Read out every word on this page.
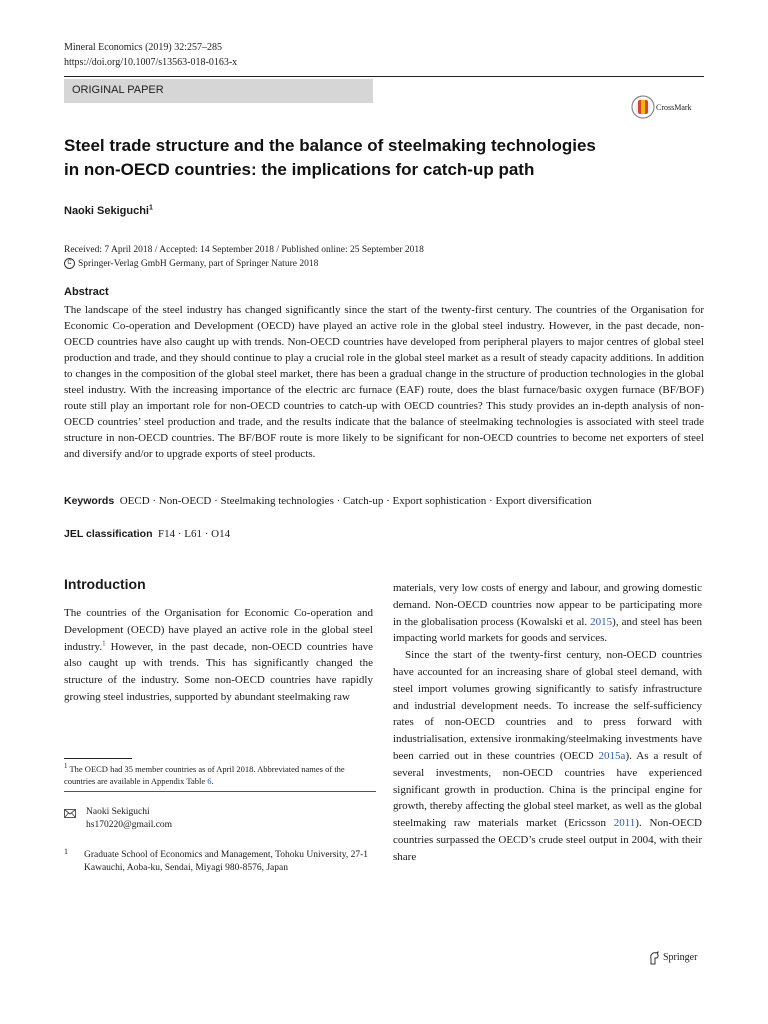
Mineral Economics (2019) 32:257–285
https://doi.org/10.1007/s13563-018-0163-x
ORIGINAL PAPER
CrossMark
Steel trade structure and the balance of steelmaking technologies
in non-OECD countries: the implications for catch-up path
Naoki Sekiguchi$^1$
Received: 7 April 2018 / Accepted: 14 September 2018 / Published online: 25 September 2018
C Springer-Verlag GmbH Germany, part of Springer Nature 2018
Abstract
The landscape of the steel industry has changed significantly since the start of the twenty-first century. The countries of the Organisation for Economic Co-operation and Development (OECD) have played an active role in the global steel industry. However, in the past decade, non-OECD countries have also caught up with trends. Non-OECD countries have developed from peripheral players to major centres of global steel production and trade, and they should continue to play a crucial role in the global steel market as a result of steady capacity additions. In addition to changes in the composition of the global steel market, there has been a gradual change in the structure of production technologies in the global steel industry. With the increasing importance of the electric arc furnace (EAF) route, does the blast furnace/basic oxygen furnace (BF/BOF) route still play an important role for non-OECD countries to catch-up with OECD countries? This study provides an in-depth analysis of non-OECD countries’ steel production and trade, and the results indicate that the balance of steelmaking technologies is associated with steel trade structure in non-OECD countries. The BF/BOF route is more likely to be significant for non-OECD countries to become net exporters of steel and diversify and/or to upgrade exports of steel products.
Keywords OECD · Non-OECD · Steelmaking technologies · Catch-up · Export sophistication · Export diversification
JEL classification F14 · L61 · O14
Introduction

The countries of the Organisation for Economic Co-operation and Development (OECD) have played an active role in the global steel industry.$^1$ However, in the past decade, non-OECD countries have also caught up with trends. This has significantly changed the structure of the industry. Some non-OECD countries have rapidly growing steel industries, supported by abundant steelmaking raw

materials, very low costs of energy and labour, and growing domestic demand. Non-OECD countries now appear to be participating more in the globalisation process (Kowalski et al. 2015), and steel has been impacting world markets for goods and services.

Since the start of the twenty-first century, non-OECD countries have accounted for an increasing share of global steel demand, with steel import volumes growing significantly to satisfy infrastructure and industrial development needs. To increase the self-sufficiency rates of non-OECD countries and to press forward with industrialisation, extensive ironmaking/steelmaking investments have been carried out in these countries (OECD 2015a). As a result of several investments, non-OECD countries have experienced significant growth in production. China is the principal engine for growth, thereby affecting the global steel market, as well as the global steelmaking raw materials market (Ericsson 2011). Non-OECD countries surpassed the OECD’s crude steel output in 2004, with their share

$^1$ The OECD had 35 member countries as of April 2018. Abbreviated names of the countries are available in Appendix Table 6.
Naoki Sekiguchi
hs170220@gmail.com
1 Graduate School of Economics and Management, Tohoku University, 27-1 Kawauchi, Aoba-ku, Sendai, Miyagi 980-8576, Japan
Springer
